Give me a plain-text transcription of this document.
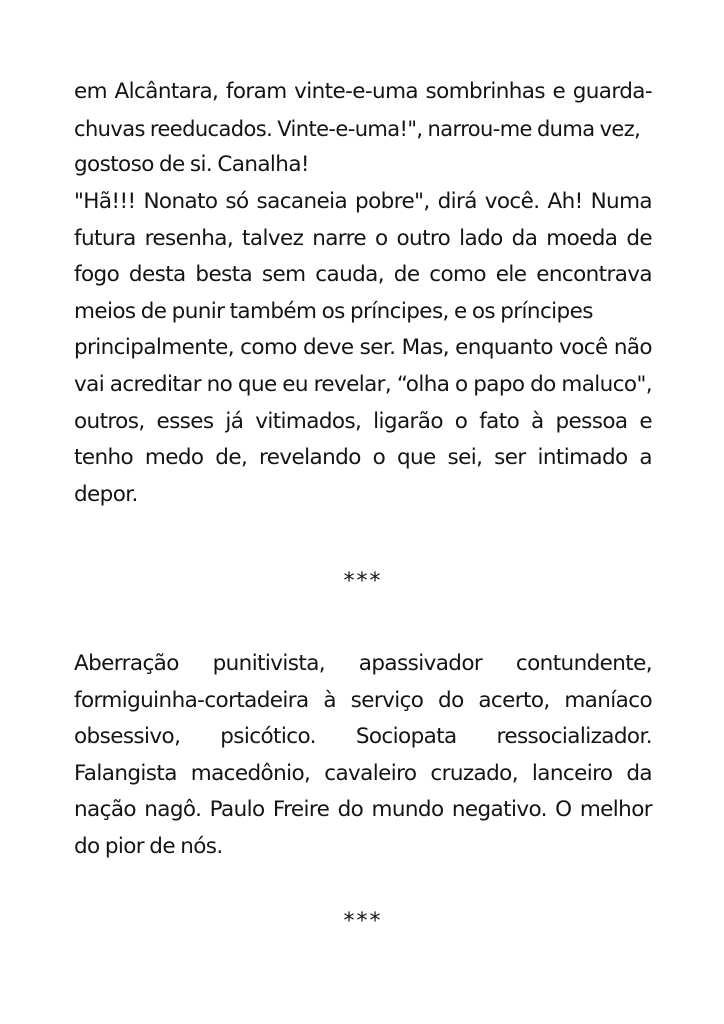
em Alcântara, foram vinte-e-uma sombrinhas e guarda-
chuvas reeducados. Vinte-e-uma!", narrou-me duma vez,
gostoso de si. Canalha!

"Hã!!! Nonato só sacaneia pobre", dirá você. Ah! Numa
futura resenha, talvez narre o outro lado da moeda de
fogo desta besta sem cauda, de como ele encontrava
meios de punir também os príncipes, e os príncipes
principalmente, como deve ser. Mas, enquanto você não
vai acreditar no que eu revelar, “olha o papo do maluco",
outros, esses já vitimados, ligarão o fato à pessoa e
tenho medo de, revelando o que sei, ser intimado a
depor.

***

Aberração punitivista, apassivador contundente,
formiguinha-cortadeira à serviço do acerto, maníaco
obsessivo, psicótico. Sociopata ressocializador.
Falangista macedônio, cavaleiro cruzado, lanceiro da
nação nagô. Paulo Freire do mundo negativo. O melhor
do pior de nós.

***
